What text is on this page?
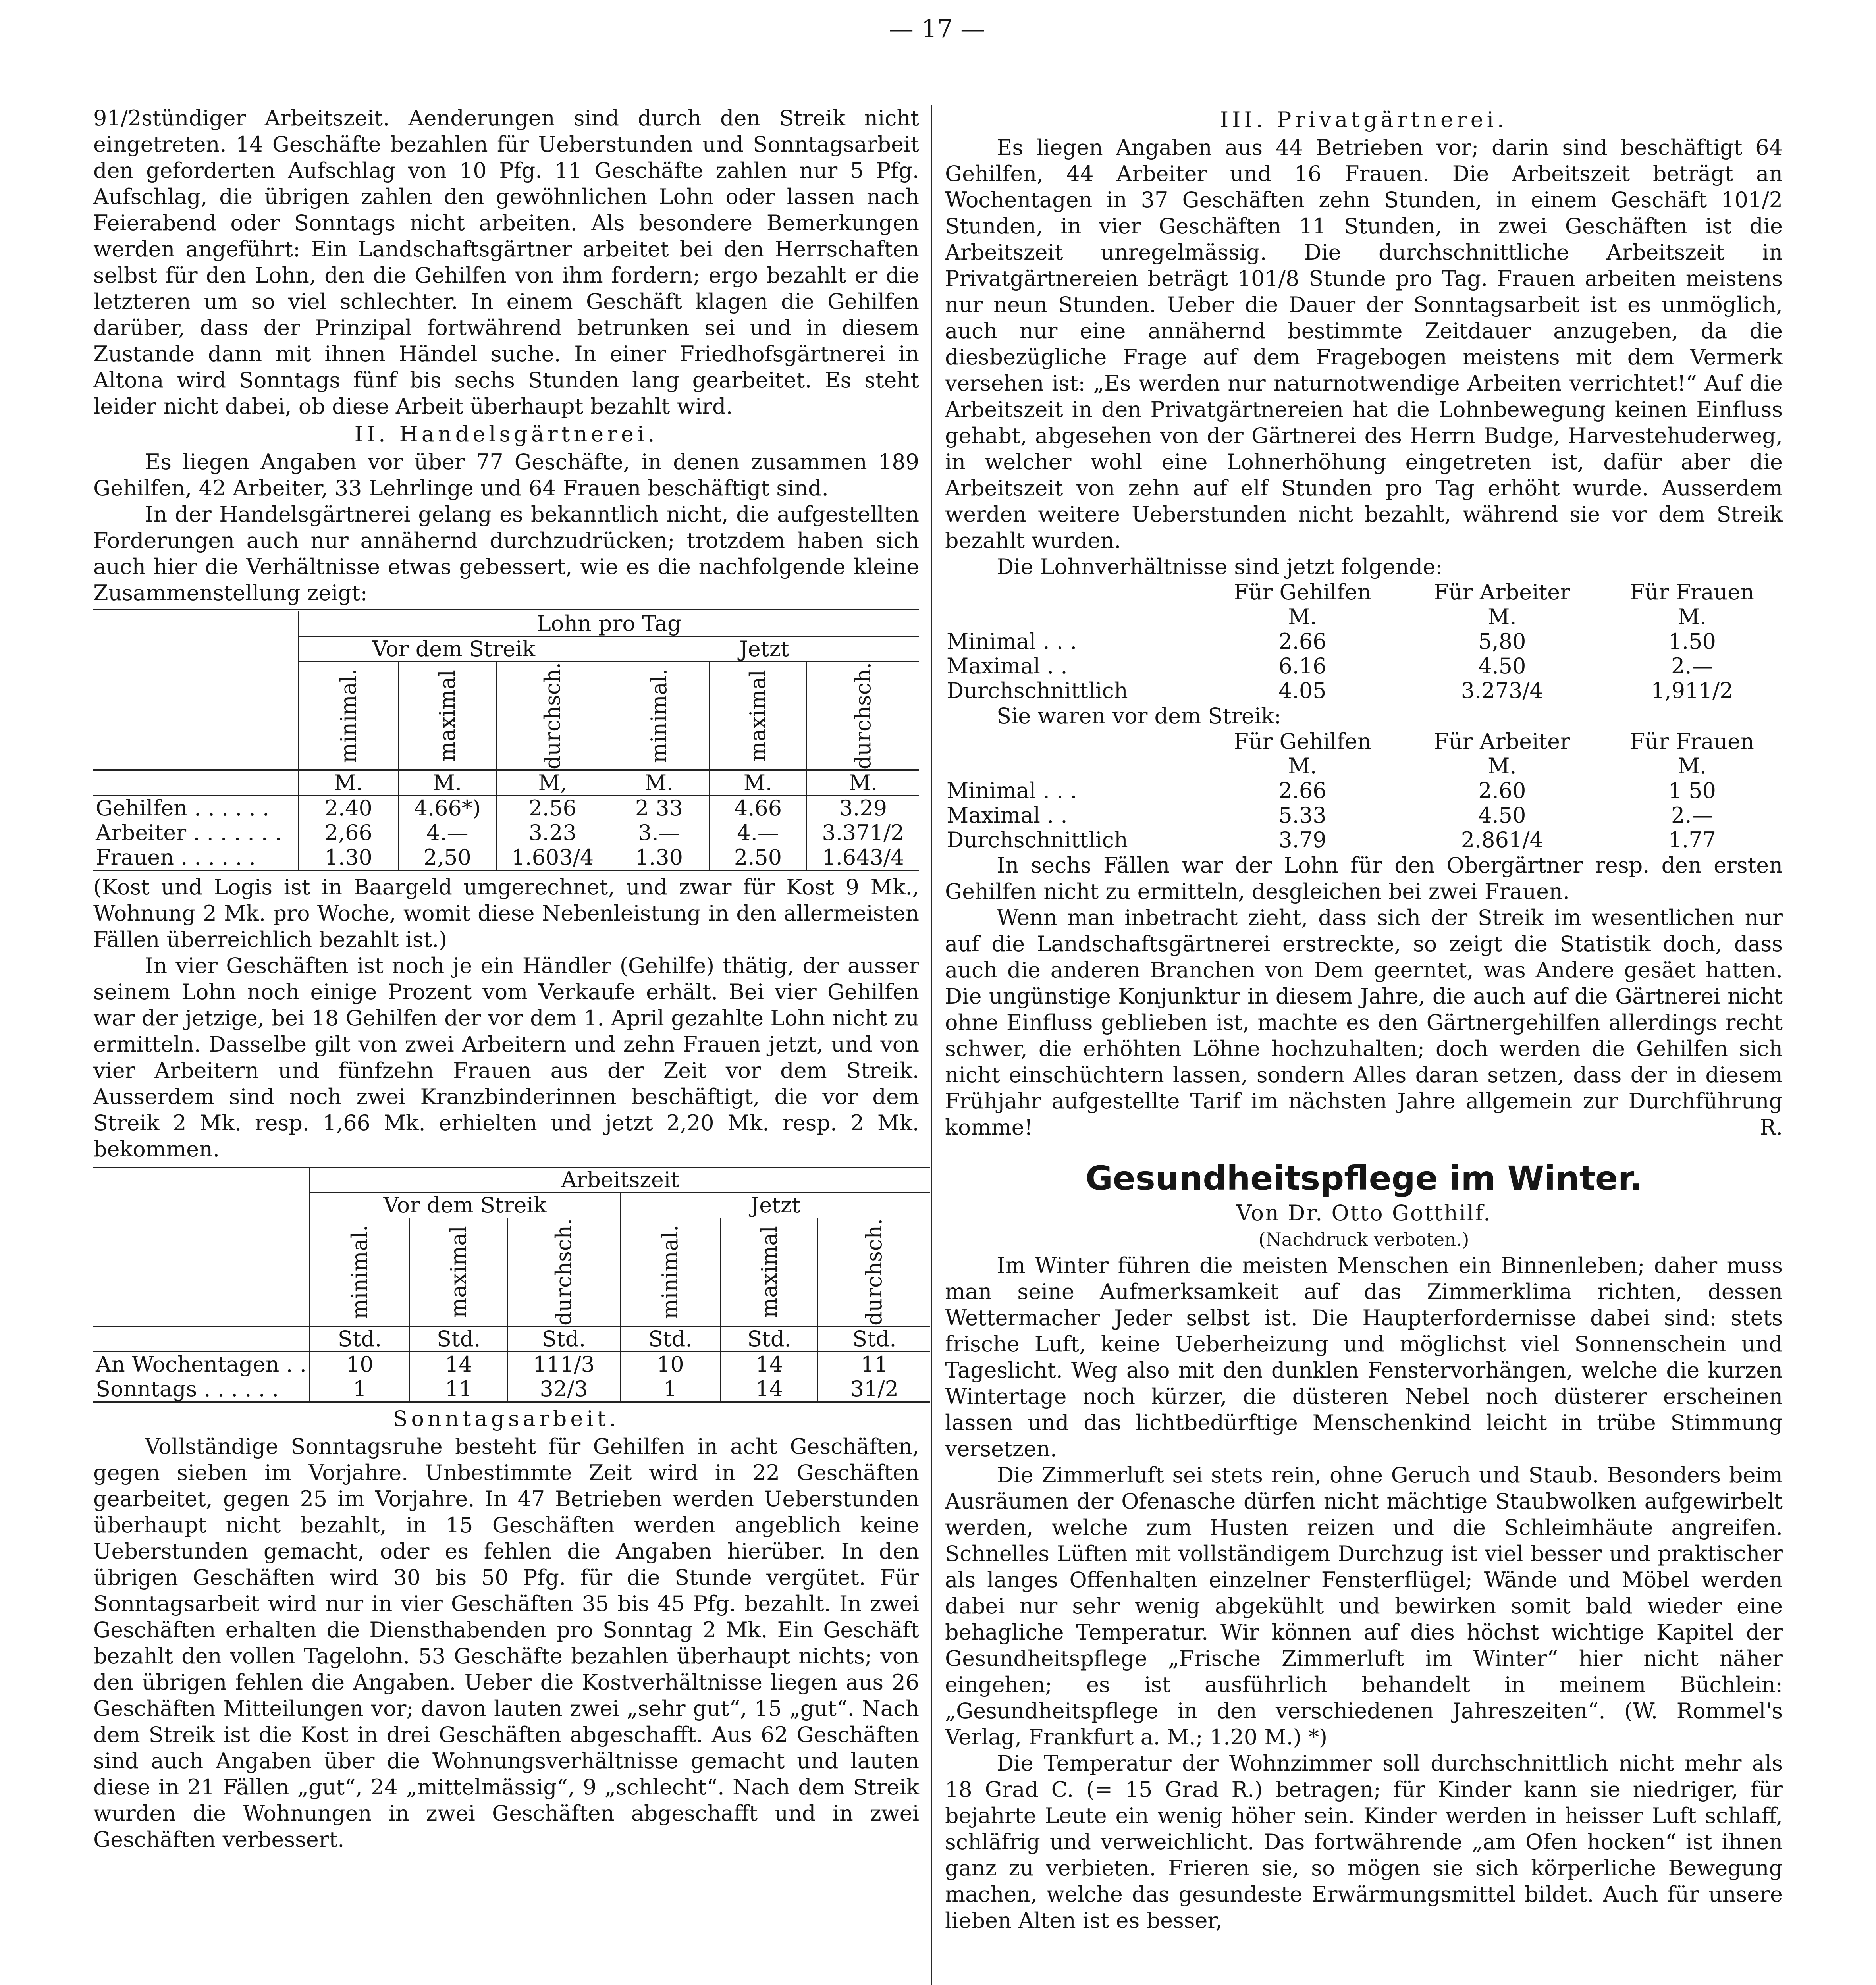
— 17 —

91/2stündiger Arbeitszeit. Aenderungen sind durch den Streik nicht eingetreten. 14 Geschäfte bezahlen für Ueberstunden und Sonntagsarbeit den geforderten Aufschlag von 10 Pfg. 11 Geschäfte zahlen nur 5 Pfg. Aufschlag, die übrigen zahlen den gewöhnlichen Lohn oder lassen nach Feierabend oder Sonntags nicht arbeiten. Als besondere Bemerkungen werden angeführt: Ein Landschaftsgärtner arbeitet bei den Herrschaften selbst für den Lohn, den die Gehilfen von ihm fordern; ergo bezahlt er die letzteren um so viel schlechter. In einem Geschäft klagen die Gehilfen darüber, dass der Prinzipal fortwährend betrunken sei und in diesem Zustande dann mit ihnen Händel suche. In einer Friedhofsgärtnerei in Altona wird Sonntags fünf bis sechs Stunden lang gearbeitet. Es steht leider nicht dabei, ob diese Arbeit überhaupt bezahlt wird.

II. Handelsgärtnerei.

Es liegen Angaben vor über 77 Geschäfte, in denen zusammen 189 Gehilfen, 42 Arbeiter, 33 Lehrlinge und 64 Frauen beschäftigt sind.

In der Handelsgärtnerei gelang es bekanntlich nicht, die aufgestellten Forderungen auch nur annähernd durchzudrücken; trotzdem haben sich auch hier die Verhältnisse etwas gebessert, wie es die nachfolgende kleine Zusammenstellung zeigt:

	Lohn pro Tag					
	Vor dem Streik			Jetzt		
	minimal.	maximal	durchsch.	minimal.	maximal	durchsch.
	M.	M.	M,	M.	M.	M.
Gehilfen . . . . . .	2.40	4.66*)	2.56	2 33	4.66	3.29
Arbeiter . . . . . . .	2,66	4.—	3.23	3.—	4.—	3.371/2
Frauen . . . . . .	1.30	2,50	1.603/4	1.30	2.50	1.643/4

(Kost und Logis ist in Baargeld umgerechnet, und zwar für Kost 9 Mk., Wohnung 2 Mk. pro Woche, womit diese Nebenleistung in den allermeisten Fällen überreichlich bezahlt ist.)

In vier Geschäften ist noch je ein Händler (Gehilfe) thätig, der ausser seinem Lohn noch einige Prozent vom Verkaufe erhält. Bei vier Gehilfen war der jetzige, bei 18 Gehilfen der vor dem 1. April gezahlte Lohn nicht zu ermitteln. Dasselbe gilt von zwei Arbeitern und zehn Frauen jetzt, und von vier Arbeitern und fünfzehn Frauen aus der Zeit vor dem Streik. Ausserdem sind noch zwei Kranzbinderinnen beschäftigt, die vor dem Streik 2 Mk. resp. 1,66 Mk. erhielten und jetzt 2,20 Mk. resp. 2 Mk. bekommen.

	Arbeitszeit					
	Vor dem Streik			Jetzt		
	minimal.	maximal	durchsch.	minimal.	maximal	durchsch.
	Std.	Std.	Std.	Std.	Std.	Std.
An Wochentagen . .	10	14	111/3	10	14	11
Sonntags . . . . . .	1	11	32/3	1	14	31/2
Sonntagsarbeit.

Vollständige Sonntagsruhe besteht für Gehilfen in acht Geschäften, gegen sieben im Vorjahre. Unbestimmte Zeit wird in 22 Geschäften gearbeitet, gegen 25 im Vorjahre. In 47 Betrieben werden Ueberstunden überhaupt nicht bezahlt, in 15 Geschäften werden angeblich keine Ueberstunden gemacht, oder es fehlen die Angaben hierüber. In den übrigen Geschäften wird 30 bis 50 Pfg. für die Stunde vergütet. Für Sonntagsarbeit wird nur in vier Geschäften 35 bis 45 Pfg. bezahlt. In zwei Geschäften erhalten die Diensthabenden pro Sonntag 2 Mk. Ein Geschäft bezahlt den vollen Tagelohn. 53 Geschäfte bezahlen überhaupt nichts; von den übrigen fehlen die Angaben. Ueber die Kostverhältnisse liegen aus 26 Geschäften Mitteilungen vor; davon lauten zwei „sehr gut“, 15 „gut“. Nach dem Streik ist die Kost in drei Geschäften abgeschafft. Aus 62 Geschäften sind auch Angaben über die Wohnungsverhältnisse gemacht und lauten diese in 21 Fällen „gut“, 24 „mittelmässig“, 9 „schlecht“. Nach dem Streik wurden die Wohnungen in zwei Geschäften abgeschafft und in zwei Geschäften verbessert.

III. Privatgärtnerei.

Es liegen Angaben aus 44 Betrieben vor; darin sind beschäftigt 64 Gehilfen, 44 Arbeiter und 16 Frauen. Die Arbeitszeit beträgt an Wochentagen in 37 Geschäften zehn Stunden, in einem Geschäft 101/2 Stunden, in vier Geschäften 11 Stunden, in zwei Geschäften ist die Arbeitszeit unregelmässig. Die durchschnittliche Arbeitszeit in Privatgärtnereien beträgt 101/8 Stunde pro Tag. Frauen arbeiten meistens nur neun Stunden. Ueber die Dauer der Sonntagsarbeit ist es unmöglich, auch nur eine annähernd bestimmte Zeitdauer anzugeben, da die diesbezügliche Frage auf dem Fragebogen meistens mit dem Vermerk versehen ist: „Es werden nur naturnotwendige Arbeiten verrichtet!“ Auf die Arbeitszeit in den Privatgärtnereien hat die Lohnbewegung keinen Einfluss gehabt, abgesehen von der Gärtnerei des Herrn Budge, Harvestehuderweg, in welcher wohl eine Lohnerhöhung eingetreten ist, dafür aber die Arbeitszeit von zehn auf elf Stunden pro Tag erhöht wurde. Ausserdem werden weitere Ueberstunden nicht bezahlt, während sie vor dem Streik bezahlt wurden.

Die Lohnverhältnisse sind jetzt folgende:

	Für Gehilfen	Für Arbeiter	Für Frauen
	M.	M.	M.
Minimal . . .	2.66	5,80	1.50
Maximal . .	6.16	4.50	2.—
Durchschnittlich	4.05	3.273/4	1,911/2

Sie waren vor dem Streik:

	Für Gehilfen	Für Arbeiter	Für Frauen
	M.	M.	M.
Minimal . . .	2.66	2.60	1 50
Maximal . .	5.33	4.50	2.—
Durchschnittlich	3.79	2.861/4	1.77

In sechs Fällen war der Lohn für den Obergärtner resp. den ersten Gehilfen nicht zu ermitteln, desgleichen bei zwei Frauen.

Wenn man inbetracht zieht, dass sich der Streik im wesentlichen nur auf die Landschaftsgärtnerei erstreckte, so zeigt die Statistik doch, dass auch die anderen Branchen von Dem geerntet, was Andere gesäet hatten. Die ungünstige Konjunktur in diesem Jahre, die auch auf die Gärtnerei nicht ohne Einfluss geblieben ist, machte es den Gärtnergehilfen allerdings recht schwer, die erhöhten Löhne hochzuhalten; doch werden die Gehilfen sich nicht einschüchtern lassen, sondern Alles daran setzen, dass der in diesem Frühjahr aufgestellte Tarif im nächsten Jahre allgemein zur Durchführung komme!	R.

Gesundheitspflege im Winter.
Von Dr. Otto Gotthilf.
(Nachdruck verboten.)

Im Winter führen die meisten Menschen ein Binnenleben; daher muss man seine Aufmerksamkeit auf das Zimmerklima richten, dessen Wettermacher Jeder selbst ist. Die Haupterfordernisse dabei sind: stets frische Luft, keine Ueberheizung und möglichst viel Sonnenschein und Tageslicht. Weg also mit den dunklen Fenstervorhängen, welche die kurzen Wintertage noch kürzer, die düsteren Nebel noch düsterer erscheinen lassen und das lichtbedürftige Menschenkind leicht in trübe Stimmung versetzen.

Die Zimmerluft sei stets rein, ohne Geruch und Staub. Besonders beim Ausräumen der Ofenasche dürfen nicht mächtige Staubwolken aufgewirbelt werden, welche zum Husten reizen und die Schleimhäute angreifen. Schnelles Lüften mit vollständigem Durchzug ist viel besser und praktischer als langes Offenhalten einzelner Fensterflügel; Wände und Möbel werden dabei nur sehr wenig abgekühlt und bewirken somit bald wieder eine behagliche Temperatur. Wir können auf dies höchst wichtige Kapitel der Gesundheitspflege „Frische Zimmerluft im Winter“ hier nicht näher eingehen; es ist ausführlich behandelt in meinem Büchlein: „Gesundheitspflege in den verschiedenen Jahreszeiten“. (W. Rommel's Verlag, Frankfurt a. M.; 1.20 M.) *)

Die Temperatur der Wohnzimmer soll durchschnittlich nicht mehr als 18 Grad C. (= 15 Grad R.) betragen; für Kinder kann sie niedriger, für bejahrte Leute ein wenig höher sein. Kinder werden in heisser Luft schlaff, schläfrig und verweichlicht. Das fortwährende „am Ofen hocken“ ist ihnen ganz zu verbieten. Frieren sie, so mögen sie sich körperliche Bewegung machen, welche das gesundeste Erwärmungsmittel bildet. Auch für unsere lieben Alten ist es besser,
